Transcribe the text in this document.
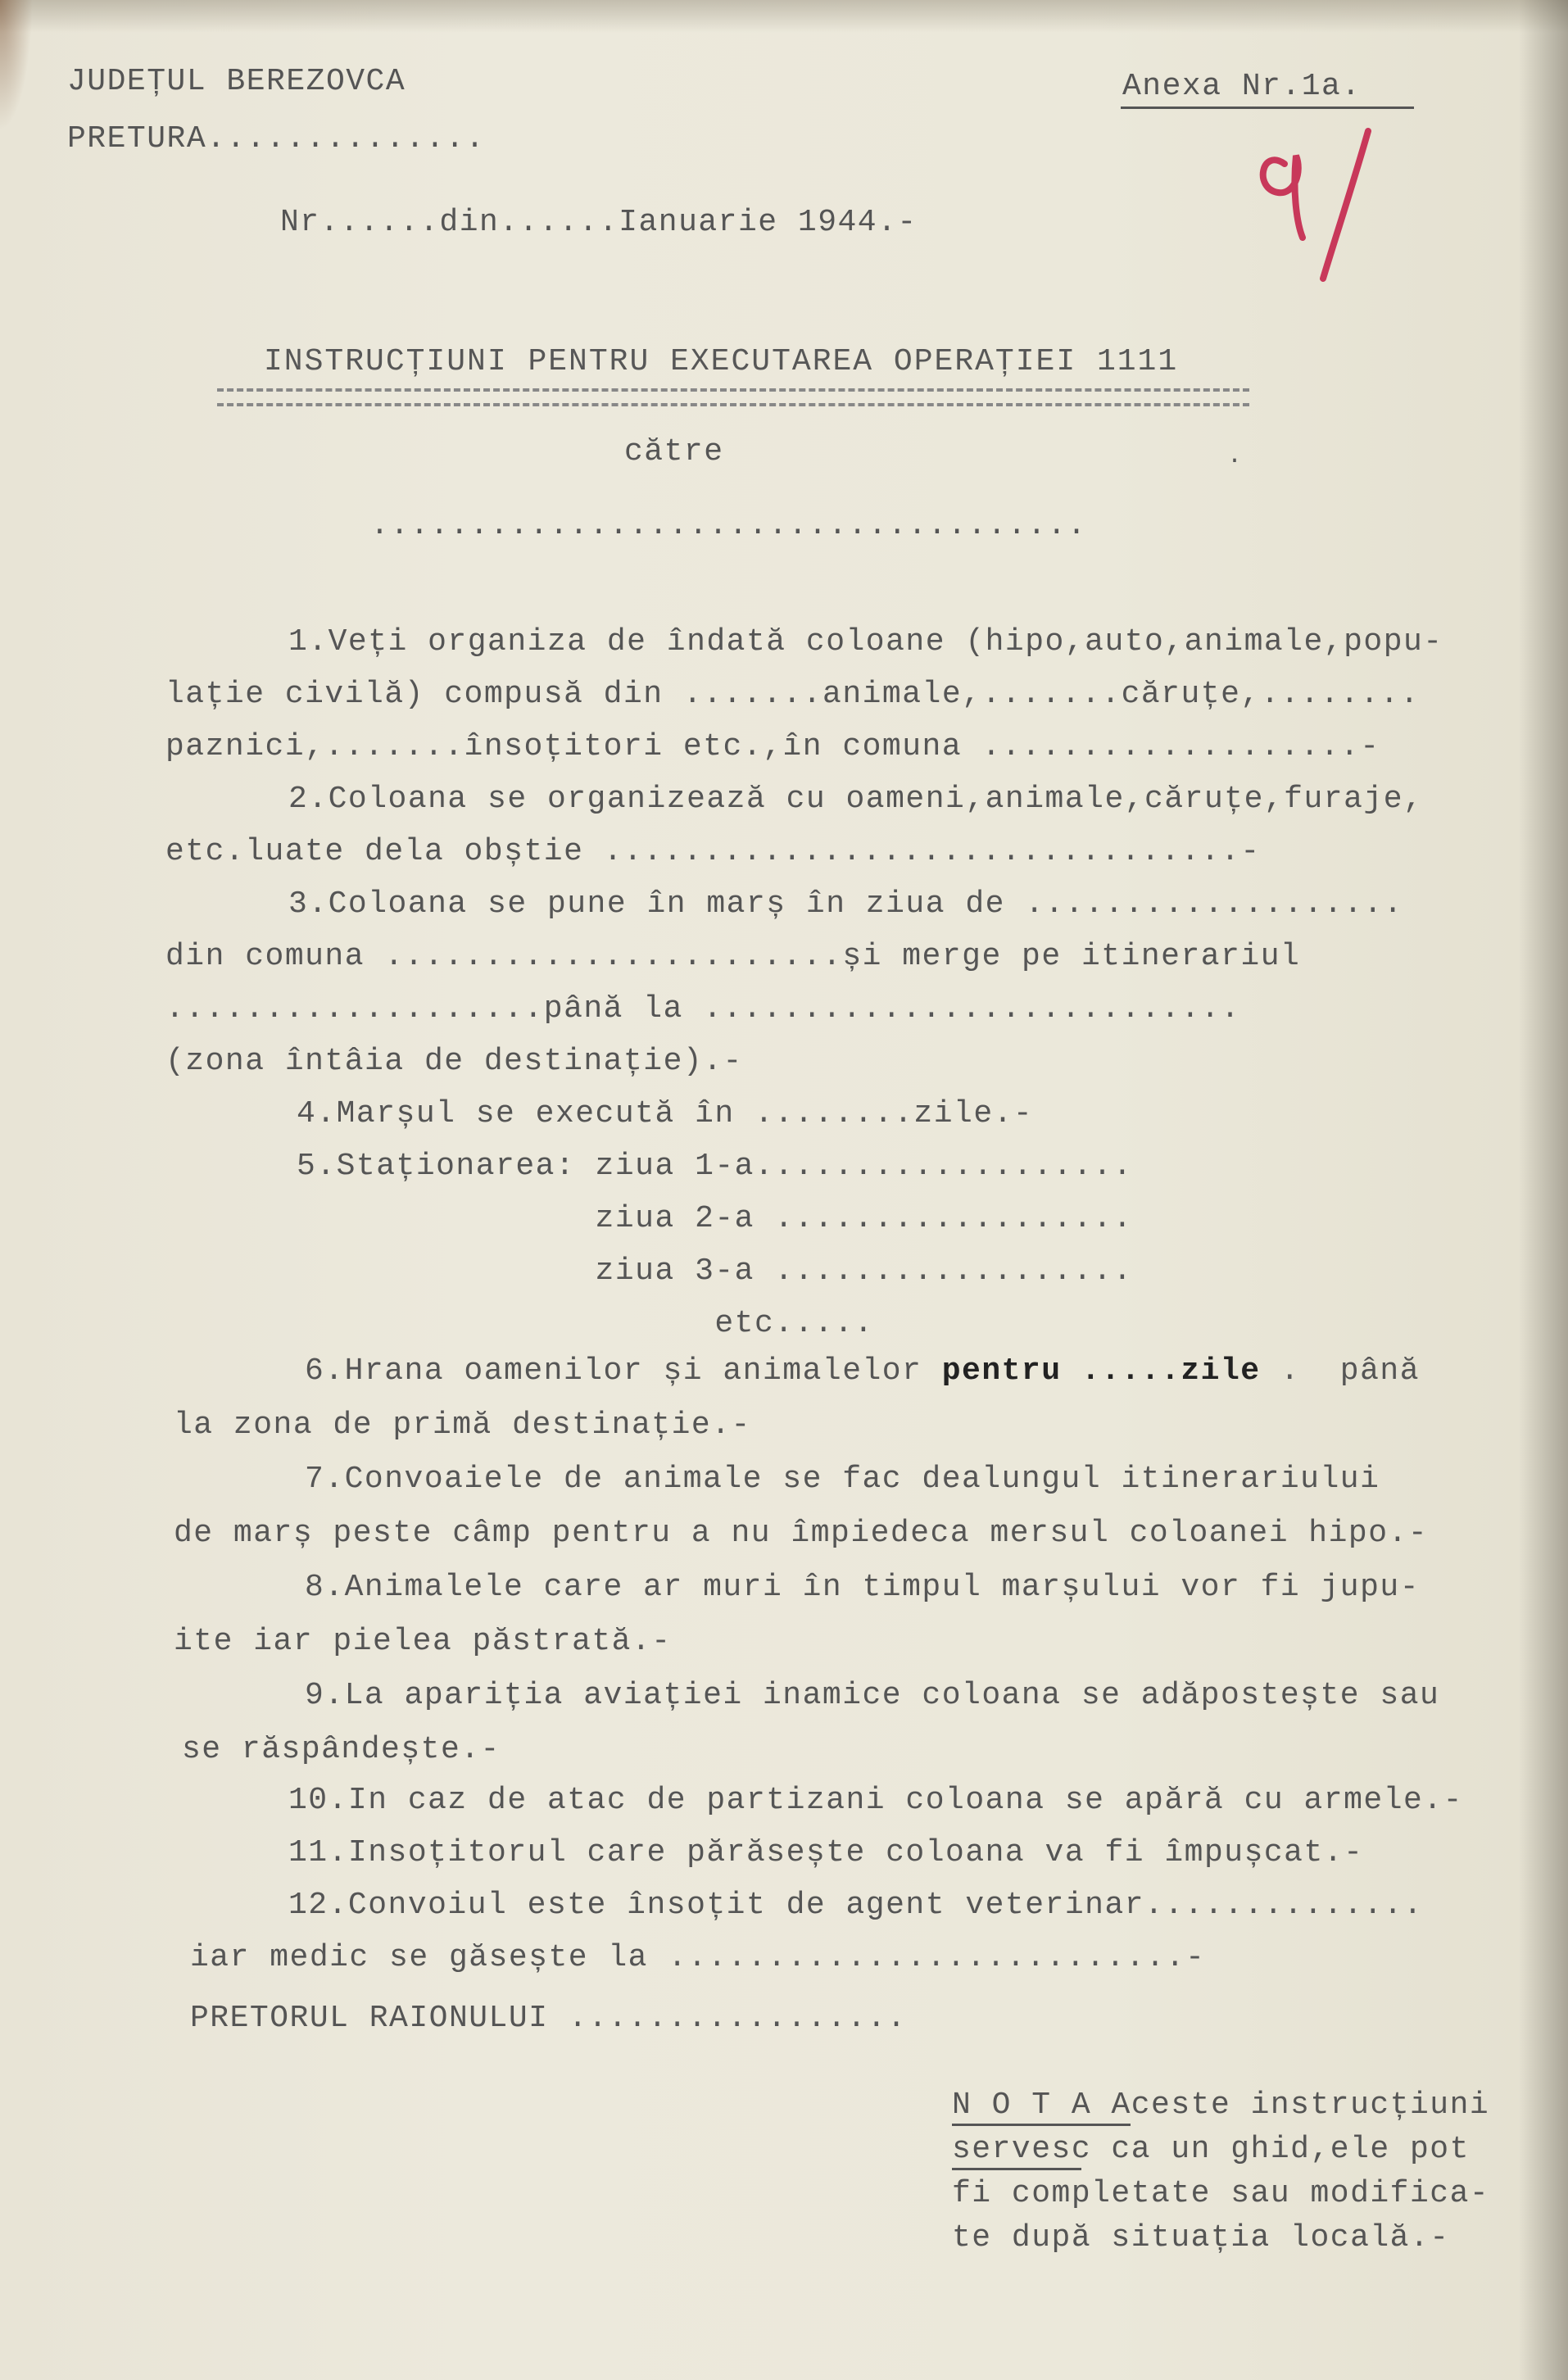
JUDEȚUL BEREZOVCA
PRETURA..............
Anexa Nr.1a.
Nr......din......Ianuarie 1944.-
INSTRUCȚIUNI PENTRU EXECUTAREA OPERAȚIEI 1111
către	.
....................................
1.Veți organiza de îndată coloane (hipo,auto,animale,popu-
lație civilă) compusă din .......animale,.......căruțe,........
paznici,.......însoțitori etc.,în comuna ...................-
2.Coloana se organizează cu oameni,animale,căruțe,furaje,
etc.luate dela obștie ................................-
3.Coloana se pune în marș în ziua de ...................
din comuna .......................și merge pe itinerariul
...................până la ...........................
(zona întâia de destinație).-
4.Marșul se execută în ........zile.-
5.Staționarea: ziua 1-a...................
ziua 2-a ..................
ziua 3-a ..................
etc.....
6.Hrana oamenilor și animalelor pentru .....zile .  până
la zona de primă destinație.-
7.Convoaiele de animale se fac dealungul itinerariului
de marș peste câmp pentru a nu împiedeca mersul coloanei hipo.-
8.Animalele care ar muri în timpul marșului vor fi jupu-
ite iar pielea păstrată.-
9.La apariția aviației inamice coloana se adăpostește sau
se răspândește.-
10.In caz de atac de partizani coloana se apără cu armele.-
11.Insoțitorul care părăsește coloana va fi împușcat.-
12.Convoiul este însoțit de agent veterinar..............
iar medic se găsește la ..........................-
PRETORUL RAIONULUI .................
N O T A Aceste instrucțiuni
servesc ca un ghid,ele pot
fi completate sau modifica-
te după situația locală.-
